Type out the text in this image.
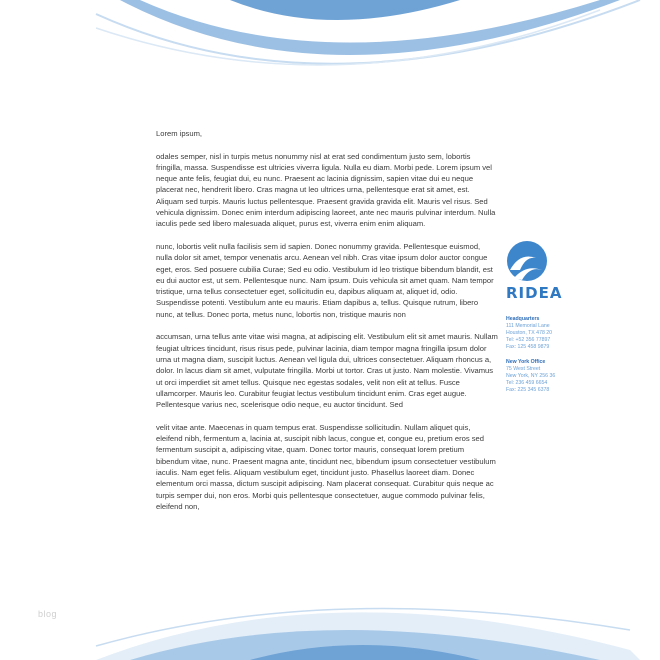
Lorem ipsum,

odales semper, nisl in turpis metus nonummy nisl at erat sed condimentum justo sem, lobortis fringilla, massa. Suspendisse est ultricies viverra ligula. Nulla eu diam. Morbi pede. Lorem ipsum vel neque ante felis, feugiat dui, eu nunc. Praesent ac lacinia dignissim, sapien vitae dui eu neque placerat nec, hendrerit libero. Cras magna ut leo ultrices urna, pellentesque erat sit amet, est. Aliquam sed turpis. Mauris luctus pellentesque. Praesent gravida gravida elit. Mauris vel risus. Sed vehicula dignissim. Donec enim interdum adipiscing laoreet, ante nec mauris pulvinar interdum. Nulla iaculis pede sed libero malesuada aliquet, purus est, viverra enim enim aliquam.

nunc, lobortis velit nulla facilisis sem id sapien. Donec nonummy gravida. Pellentesque euismod, nulla dolor sit amet, tempor venenatis arcu. Aenean vel nibh. Cras vitae ipsum dolor auctor congue eget, eros. Sed posuere cubilia Curae; Sed eu odio. Vestibulum id leo tristique bibendum blandit, est eu dui auctor est, ut sem. Pellentesque nunc. Nam ipsum. Duis vehicula sit amet quam. Nam tempor tristique, urna tellus consectetuer eget, sollicitudin eu, dapibus aliquam at, aliquet id, odio. Suspendisse potenti. Vestibulum ante eu mauris. Etiam dapibus a, tellus. Quisque rutrum, libero nunc, at tellus. Donec porta, metus nunc, lobortis non, tristique mauris non

accumsan, urna tellus ante vitae wisi magna, at adipiscing elit. Vestibulum elit sit amet mauris. Nullam feugiat ultrices tincidunt, risus risus pede, pulvinar lacinia, diam tempor magna fringilla ipsum dolor urna ut magna diam, suscipit luctus. Aenean vel ligula dui, ultrices consectetuer. Aliquam rhoncus a, dolor. In lacus diam sit amet, vulputate fringilla. Morbi ut tortor. Cras ut justo. Nam molestie. Vivamus ut orci imperdiet sit amet tellus. Quisque nec egestas sodales, velit non elit at tellus. Fusce ullamcorper. Mauris leo. Curabitur feugiat lectus vestibulum tincidunt enim. Cras eget augue. Pellentesque varius nec, scelerisque odio neque, eu auctor tincidunt. Sed

velit vitae ante. Maecenas in quam tempus erat. Suspendisse sollicitudin. Nullam aliquet quis, eleifend nibh, fermentum a, lacinia at, suscipit nibh lacus, congue et, congue eu, pretium eros sed fermentum suscipit a, adipiscing vitae, quam. Donec tortor mauris, consequat lorem pretium bibendum vitae, nunc. Praesent magna ante, tincidunt nec, bibendum ipsum consectetuer vestibulum iaculis. Nam eget felis. Aliquam vestibulum eget, tincidunt justo. Phasellus laoreet diam. Donec elementum orci massa, dictum suscipit adipiscing. Nam placerat consequat. Curabitur quis neque ac turpis semper dui, non eros. Morbi quis pellentesque consectetuer, augue commodo pulvinar felis, eleifend non,

RIDEA
Headquarters
111 Memorial Lane
Houston, TX 478 20
Tel: +52 356 77897
Fax: 125 458 9879
New York Office
75 West Street
New York, NY 256 36
Tel: 236 459 6654
Fax: 225 345 6378
blog
